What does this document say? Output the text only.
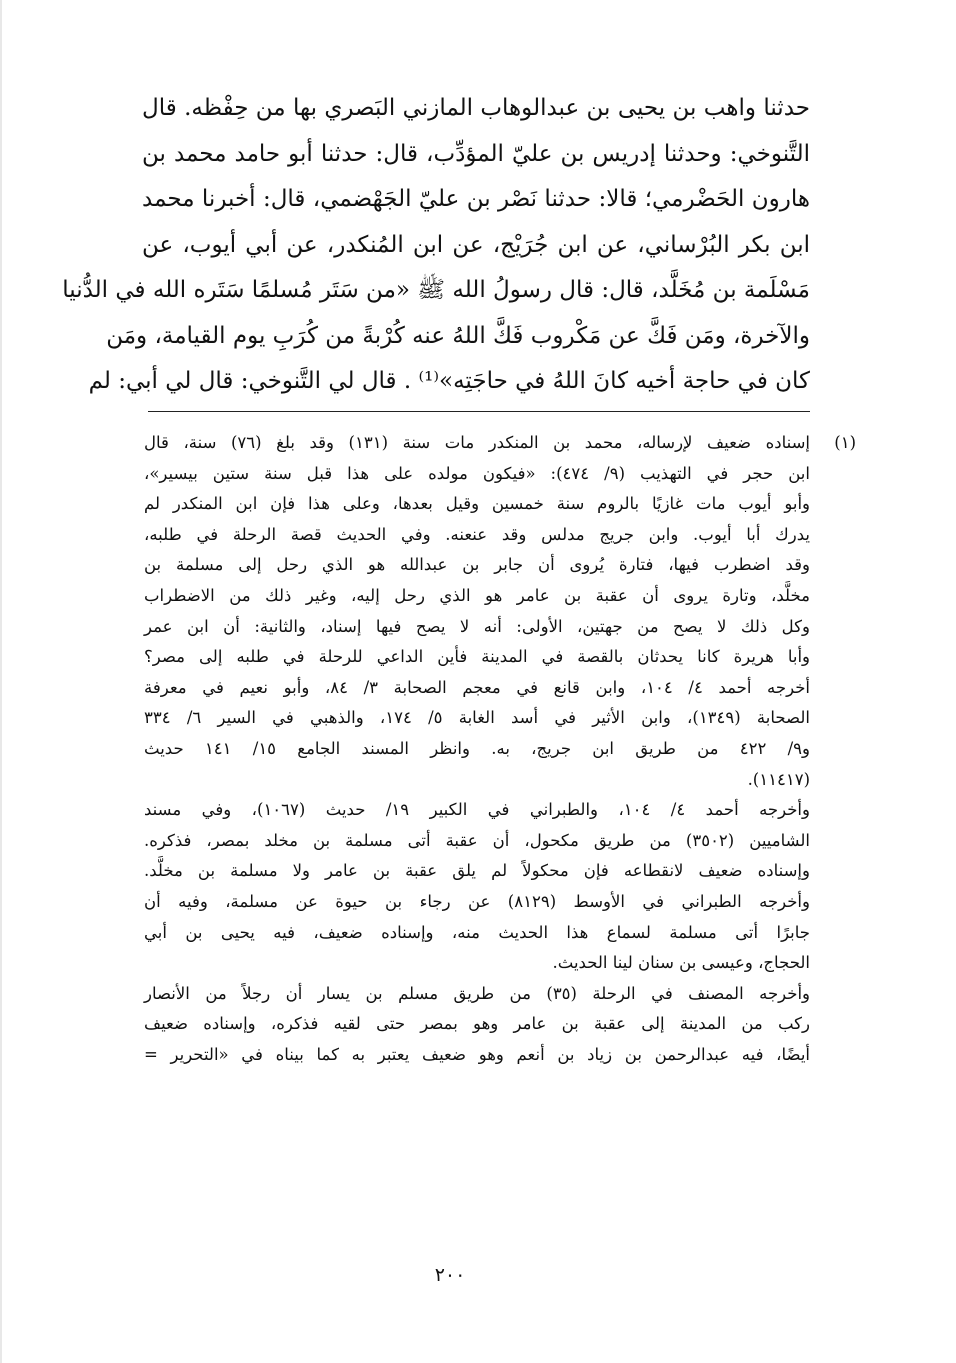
حدثنا واهب بن يحيى بن عبدالوهاب المازني البَصري بها من حِفْظه. قال
التَّنوخي: وحدثنا إدريس بن عليّ المؤدِّب، قال: حدثنا أبو حامد محمد بن
هارون الحَضْرمي؛ قالا: حدثنا نَصْر بن عليّ الجَهْضمي، قال: أخبرنا محمد
ابن بكر البُرْساني، عن ابن جُرَيْج، عن ابن المُنكدر، عن أبي أيوب، عن
مَسْلَمة بن مُخَلَّد، قال: قال رسولُ الله ﷺ «من سَتَر مُسلمًا سَتَره الله في الدُّنيا
والآخرة، ومَن فَكَّ عن مَكْروب فَكَّ اللهُ عنه كُرْبةً من كُرَبِ يوم القيامة، ومَن
كان في حاجة أخيه كانَ اللهُ في حاجَتِه»⁽¹⁾ . قال لي التَّنوخي: قال لي أبي: لم
(١)
إسناده ضعيف لإرساله، محمد بن المنكدر مات سنة (١٣١) وقد بلغ (٧٦) سنة، قال
ابن حجر في التهذيب (٩/ ٤٧٤): «فيكون مولده على هذا قبل سنة ستين بيسير»،
وأبو أيوب مات غازيًا بالروم سنة خمسين وقيل بعدها، وعلى هذا فإن ابن المنكدر لم
يدرك أبا أيوب. وابن جريج مدلس وقد عنعنه. وفي الحديث قصة الرحلة في طلبه،
وقد اضطرب فيها، فتارة يُروى أن جابر بن عبدالله هو الذي رحل إلى مسلمة بن
مخلَّد، وتارة يروى أن عقبة بن عامر هو الذي رحل إليه، وغير ذلك من الاضطراب
وكل ذلك لا يصح من جهتين، الأولى: أنه لا يصح فيها إسناد، والثانية: أن ابن عمر
وأبا هريرة كانا يحدثان بالقصة في المدينة فأين الداعي للرحلة في طلبه إلى مصر؟
أخرجه أحمد ٤/ ١٠٤، وابن قانع في معجم الصحابة ٣/ ٨٤، وأبو نعيم في معرفة
الصحابة (١٣٤٩)، وابن الأثير في أسد الغابة ٥/ ١٧٤، والذهبي في السير ٦/ ٣٣٤
و٩/ ٤٢٢ من طريق ابن جريج، به. وانظر المسند الجامع ١٥/ ١٤١ حديث
(١١٤١٧).
وأخرجه أحمد ٤/ ١٠٤، والطبراني في الكبير ١٩/ حديث (١٠٦٧)، وفي مسند
الشاميين (٣٥٠٢) من طريق مكحول، أن عقبة أتى مسلمة بن مخلد بمصر، فذكره.
وإسناده ضعيف لانقطاعه فإن محكولاً لم يلق عقبة بن عامر ولا مسلمة بن مخلَّد.
وأخرجه الطبراني في الأوسط (٨١٢٩) عن رجاء بن حيوة عن مسلمة، وفيه أن
جابرًا أتى مسلمة لسماع هذا الحديث منه، وإسناده ضعيف، فيه يحيى بن أبي
الحجاج، وعيسى بن سنان لينا الحديث.
وأخرجه المصنف في الرحلة (٣٥) من طريق مسلم بن يسار أن رجلاً من الأنصار
ركب من المدينة إلى عقبة بن عامر وهو بمصر حتى لقيه فذكره، وإسناده ضعيف
أيضًا، فيه عبدالرحمن بن زياد بن أنعم وهو ضعيف يعتبر به كما بيناه في «التحرير =
٢٠٠
